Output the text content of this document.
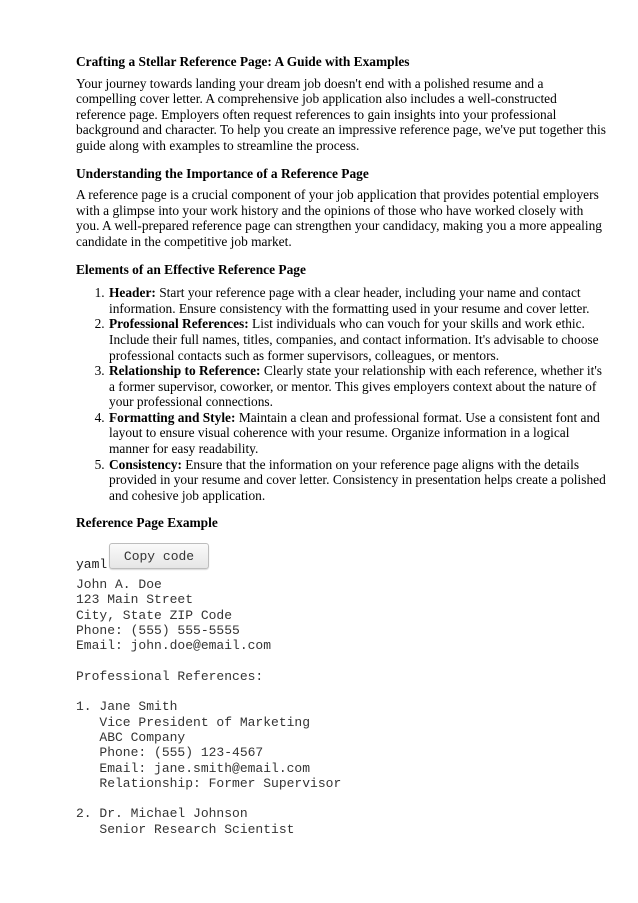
Crafting a Stellar Reference Page: A Guide with Examples

Your journey towards landing your dream job doesn't end with a polished resume and a compelling cover letter. A comprehensive job application also includes a well-constructed reference page. Employers often request references to gain insights into your professional background and character. To help you create an impressive reference page, we've put together this guide along with examples to streamline the process.

Understanding the Importance of a Reference Page

A reference page is a crucial component of your job application that provides potential employers with a glimpse into your work history and the opinions of those who have worked closely with you. A well-prepared reference page can strengthen your candidacy, making you a more appealing candidate in the competitive job market.

Elements of an Effective Reference Page
1. Header: Start your reference page with a clear header, including your name and contact information. Ensure consistency with the formatting used in your resume and cover letter.
2. Professional References: List individuals who can vouch for your skills and work ethic. Include their full names, titles, companies, and contact information. It's advisable to choose professional contacts such as former supervisors, colleagues, or mentors.
3. Relationship to Reference: Clearly state your relationship with each reference, whether it's a former supervisor, coworker, or mentor. This gives employers context about the nature of your professional connections.
4. Formatting and Style: Maintain a clean and professional format. Use a consistent font and layout to ensure visual coherence with your resume. Organize information in a logical manner for easy readability.
5. Consistency: Ensure that the information on your reference page aligns with the details provided in your resume and cover letter. Consistency in presentation helps create a polished and cohesive job application.
Reference Page Example
yaml
Copy code
John A. Doe
123 Main Street
City, State ZIP Code
Phone: (555) 555-5555
Email: john.doe@email.com

Professional References:

1. Jane Smith
Vice President of Marketing
ABC Company
Phone: (555) 123-4567
Email: jane.smith@email.com
Relationship: Former Supervisor

2. Dr. Michael Johnson
Senior Research Scientist
